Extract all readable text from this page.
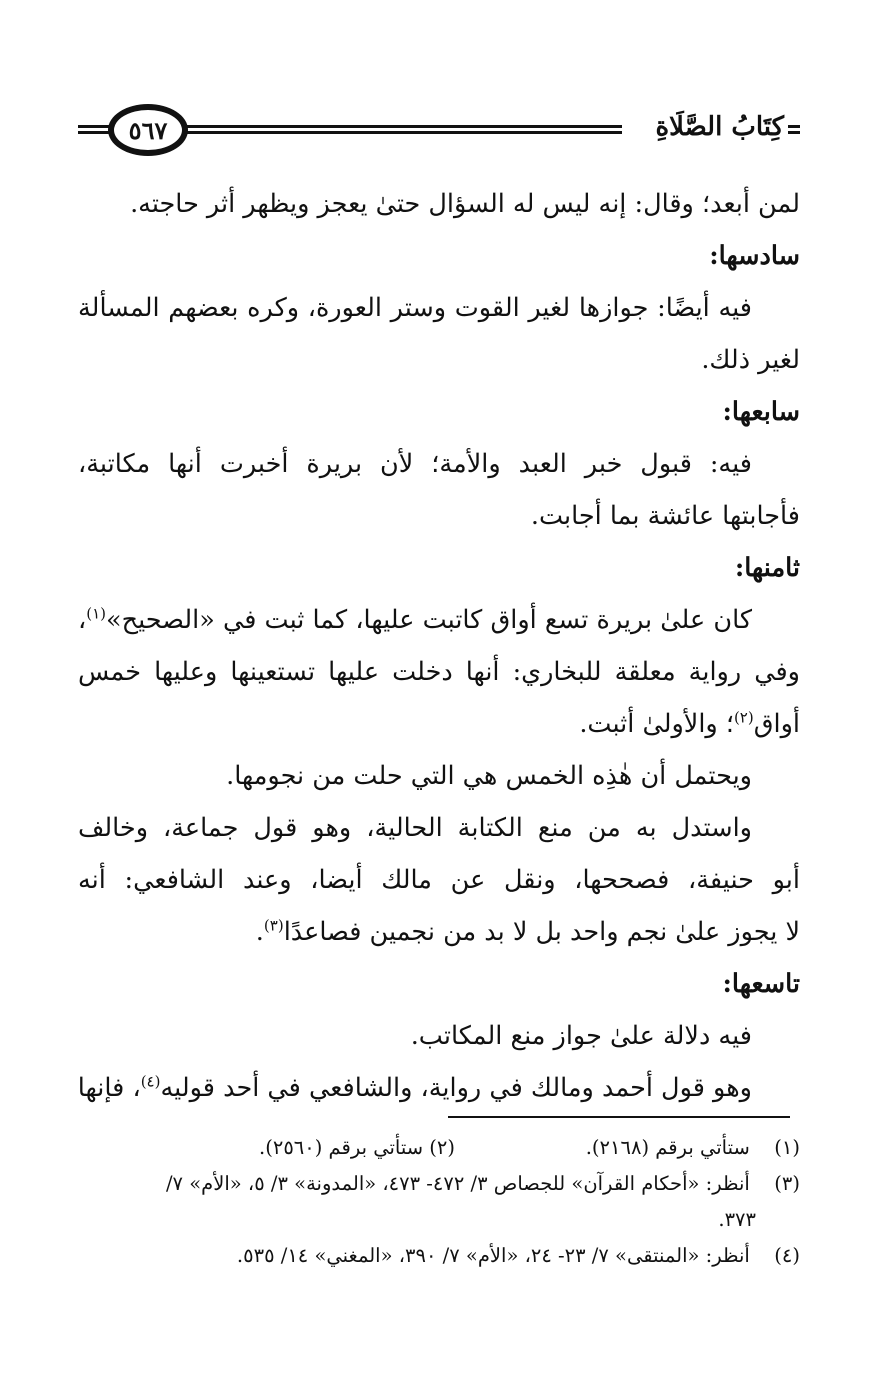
كِتَابُ الصَّلَاةِ
٥٦٧
لمن أبعد؛ وقال: إنه ليس له السؤال حتىٰ يعجز ويظهر أثر حاجته.
سادسها:
فيه أيضًا: جوازها لغير القوت وستر العورة، وكره بعضهم المسألة
لغير ذلك.
سابعها:
فيه: قبول خبر العبد والأمة؛ لأن بريرة أخبرت أنها مكاتبة،
فأجابتها عائشة بما أجابت.
ثامنها:
كان علىٰ بريرة تسع أواق كاتبت عليها، كما ثبت في «الصحيح»$^{(١)}$،
وفي رواية معلقة للبخاري: أنها دخلت عليها تستعينها وعليها خمس
أواق$^{(٢)}$؛ والأولىٰ أثبت.
ويحتمل أن هٰذِه الخمس هي التي حلت من نجومها.
واستدل به من منع الكتابة الحالية، وهو قول جماعة، وخالف
أبو حنيفة، فصححها، ونقل عن مالك أيضا، وعند الشافعي: أنه
لا يجوز علىٰ نجم واحد بل لا بد من نجمين فصاعدًا$^{(٣)}$.
تاسعها:
فيه دلالة علىٰ جواز منع المكاتب.
وهو قول أحمد ومالك في رواية، والشافعي في أحد قوليه$^{(٤)}$، فإنها
(١) ستأتي برقم (٢١٦٨).
(٢) ستأتي برقم (٢٥٦٠).
(٣) أنظر: «أحكام القرآن» للجصاص ٣/ ٤٧٢- ٤٧٣، «المدونة» ٣/ ٥، «الأم» ٧/
٣٧٣.
(٤) أنظر: «المنتقى» ٧/ ٢٣- ٢٤، «الأم» ٧/ ٣٩٠، «المغني» ١٤/ ٥٣٥.
